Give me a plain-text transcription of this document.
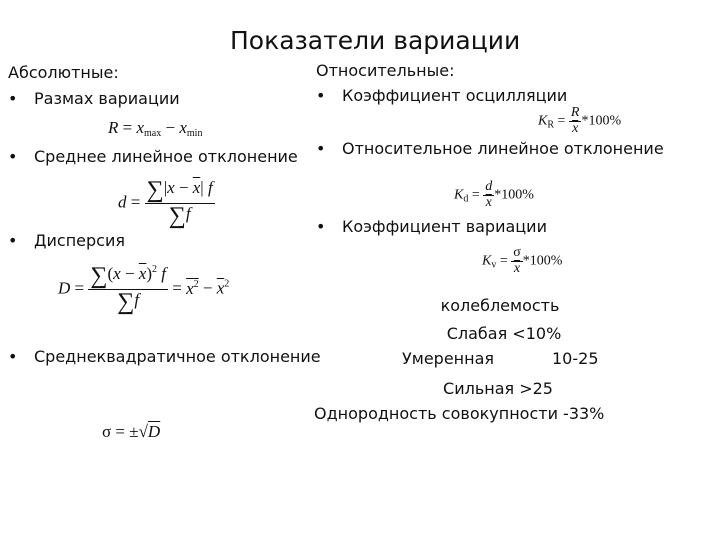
Показатели вариации
Абсолютные:
• Размах вариации
R = xmax − xmin
• Среднее линейное отклонение
$d = \frac{\sum|x - \overline{x}| f}{\sum f}$
• Дисперсия
$D = \frac{\sum(x - \overline{x})^2 f}{\sum f} = x^2 - \overline{x}^2$
• Среднеквадратичное отклонение
σ = ±√D
Относительные:
• Коэффициент осцилляции
$K_R = \frac{R}{x} *100\%$
• Относительное линейное отклонение
$K_d = \frac{d}{x} *100\%$
• Коэффициент вариации
$K_v = \frac{\sigma}{x} *100\%$
колеблемость
Слабая <10%
Умеренная	10-25
Сильная >25
Однородность совокупности -33%
